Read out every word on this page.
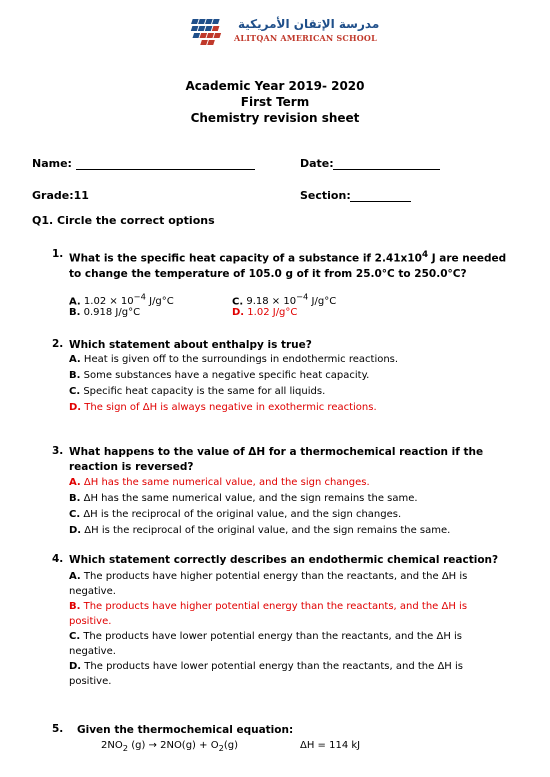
مدرسة الإتقان الأمريكية
ALITQAN AMERICAN SCHOOL
Academic Year 2019- 2020
First Term
Chemistry revision sheet
Name:	Date:
Grade:11	Section:
Q1. Circle the correct options
1. What is the specific heat capacity of a substance if $2.41x10^4$ J are needed to change the temperature of 105.0 g of it from 25.0°C to 250.0°C?
A. $1.02 \times 10^{-4}$ J/g°C	C. $9.18 \times 10^{-4}$ J/g°C
B. 0.918 J/g°C	D. 1.02 J/g°C
2. Which statement about enthalpy is true?
A. Heat is given off to the surroundings in endothermic reactions.
B. Some substances have a negative specific heat capacity.
C. Specific heat capacity is the same for all liquids.
D. The sign of ΔH is always negative in exothermic reactions.
3. What happens to the value of ΔH for a thermochemical reaction if the reaction is reversed?
A. ΔH has the same numerical value, and the sign changes.
B. ΔH has the same numerical value, and the sign remains the same.
C. ΔH is the reciprocal of the original value, and the sign changes.
D. ΔH is the reciprocal of the original value, and the sign remains the same.
4. Which statement correctly describes an endothermic chemical reaction?
A. The products have higher potential energy than the reactants, and the ΔH is negative.
B. The products have higher potential energy than the reactants, and the ΔH is positive.
C. The products have lower potential energy than the reactants, and the ΔH is negative.
D. The products have lower potential energy than the reactants, and the ΔH is positive.
5. Given the thermochemical equation:
$2NO_2$ $(g) \to 2NO(g) + O_2(g)$	ΔH = 114 kJ
